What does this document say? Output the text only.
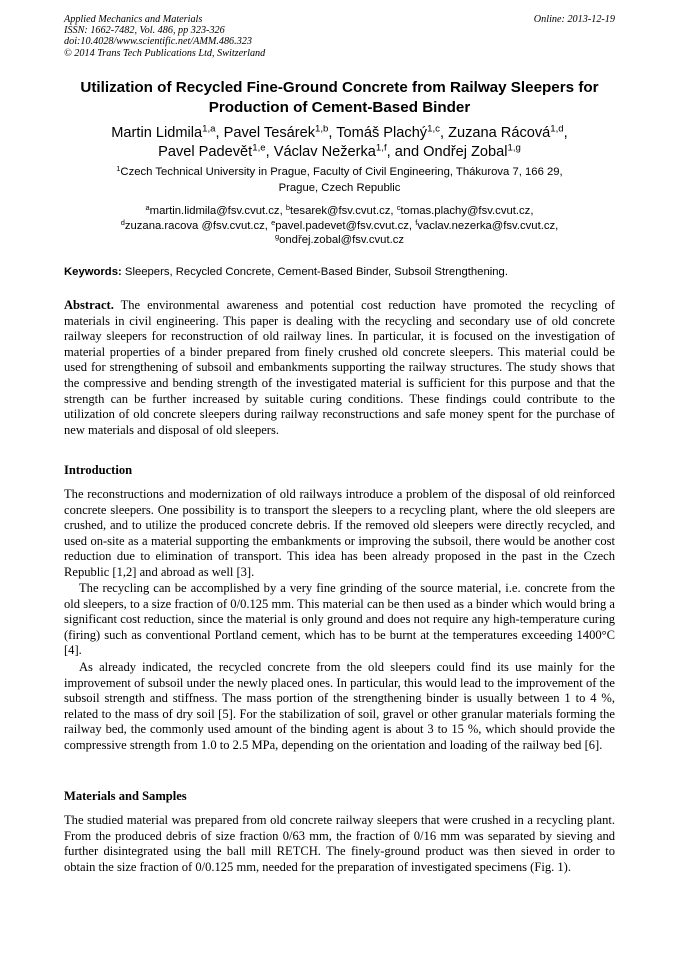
Applied Mechanics and Materials
ISSN: 1662-7482, Vol. 486, pp 323-326
doi:10.4028/www.scientific.net/AMM.486.323
© 2014 Trans Tech Publications Ltd, Switzerland
Online: 2013-12-19
Utilization of Recycled Fine-Ground Concrete from Railway Sleepers for Production of Cement-Based Binder
Martin Lidmila$^{1,a}$, Pavel Tesárek$^{1,b}$, Tomáš Plachý$^{1,c}$, Zuzana Rácová$^{1,d}$,
Pavel Padevět$^{1,e}$, Václav Nežerka$^{1,f}$, and Ondřej Zobal$^{1,g}$
$^1$Czech Technical University in Prague, Faculty of Civil Engineering, Thákurova 7, 166 29,
Prague, Czech Republic
$^a$martin.lidmila@fsv.cvut.cz, $^b$tesarek@fsv.cvut.cz, $^c$tomas.plachy@fsv.cvut.cz,
$^d$zuzana.racova @fsv.cvut.cz, $^e$pavel.padevet@fsv.cvut.cz, $^f$vaclav.nezerka@fsv.cvut.cz,
$^g$ondřej.zobal@fsv.cvut.cz
Keywords: Sleepers, Recycled Concrete, Cement-Based Binder, Subsoil Strengthening.

Abstract. The environmental awareness and potential cost reduction have promoted the recycling of materials in civil engineering. This paper is dealing with the recycling and secondary use of old concrete railway sleepers for reconstruction of old railway lines. In particular, it is focused on the investigation of material properties of a binder prepared from finely crushed old concrete sleepers. This material could be used for strengthening of subsoil and embankments supporting the railway structures. The study shows that the compressive and bending strength of the investigated material is sufficient for this purpose and that the strength can be further increased by suitable curing conditions. These findings could contribute to the utilization of old concrete sleepers during railway reconstructions and safe money spent for the purchase of new materials and disposal of old sleepers.

Introduction

The reconstructions and modernization of old railways introduce a problem of the disposal of old reinforced concrete sleepers. One possibility is to transport the sleepers to a recycling plant, where the old sleepers are crushed, and to utilize the produced concrete debris. If the removed old sleepers were directly recycled, and used on-site as a material supporting the embankments or improving the subsoil, there would be another cost reduction due to elimination of transport. This idea has been already proposed in the past in the Czech Republic [1,2] and abroad as well [3].

The recycling can be accomplished by a very fine grinding of the source material, i.e. concrete from the old sleepers, to a size fraction of 0/0.125 mm. This material can be then used as a binder which would bring a significant cost reduction, since the material is only ground and does not require any high-temperature curing (firing) such as conventional Portland cement, which has to be burnt at the temperatures exceeding 1400°C [4].

As already indicated, the recycled concrete from the old sleepers could find its use mainly for the improvement of subsoil under the newly placed ones. In particular, this would lead to the improvement of the subsoil strength and stiffness. The mass portion of the strengthening binder is usually between 1 to 4 %, related to the mass of dry soil [5]. For the stabilization of soil, gravel or other granular materials forming the railway bed, the commonly used amount of the binding agent is about 3 to 15 %, which should provide the compressive strength from 1.0 to 2.5 MPa, depending on the orientation and loading of the railway bed [6].

Materials and Samples

The studied material was prepared from old concrete railway sleepers that were crushed in a recycling plant. From the produced debris of size fraction 0/63 mm, the fraction of 0/16 mm was separated by sieving and further disintegrated using the ball mill RETCH. The finely-ground product was then sieved in order to obtain the size fraction of 0/0.125 mm, needed for the preparation of investigated specimens (Fig. 1).
